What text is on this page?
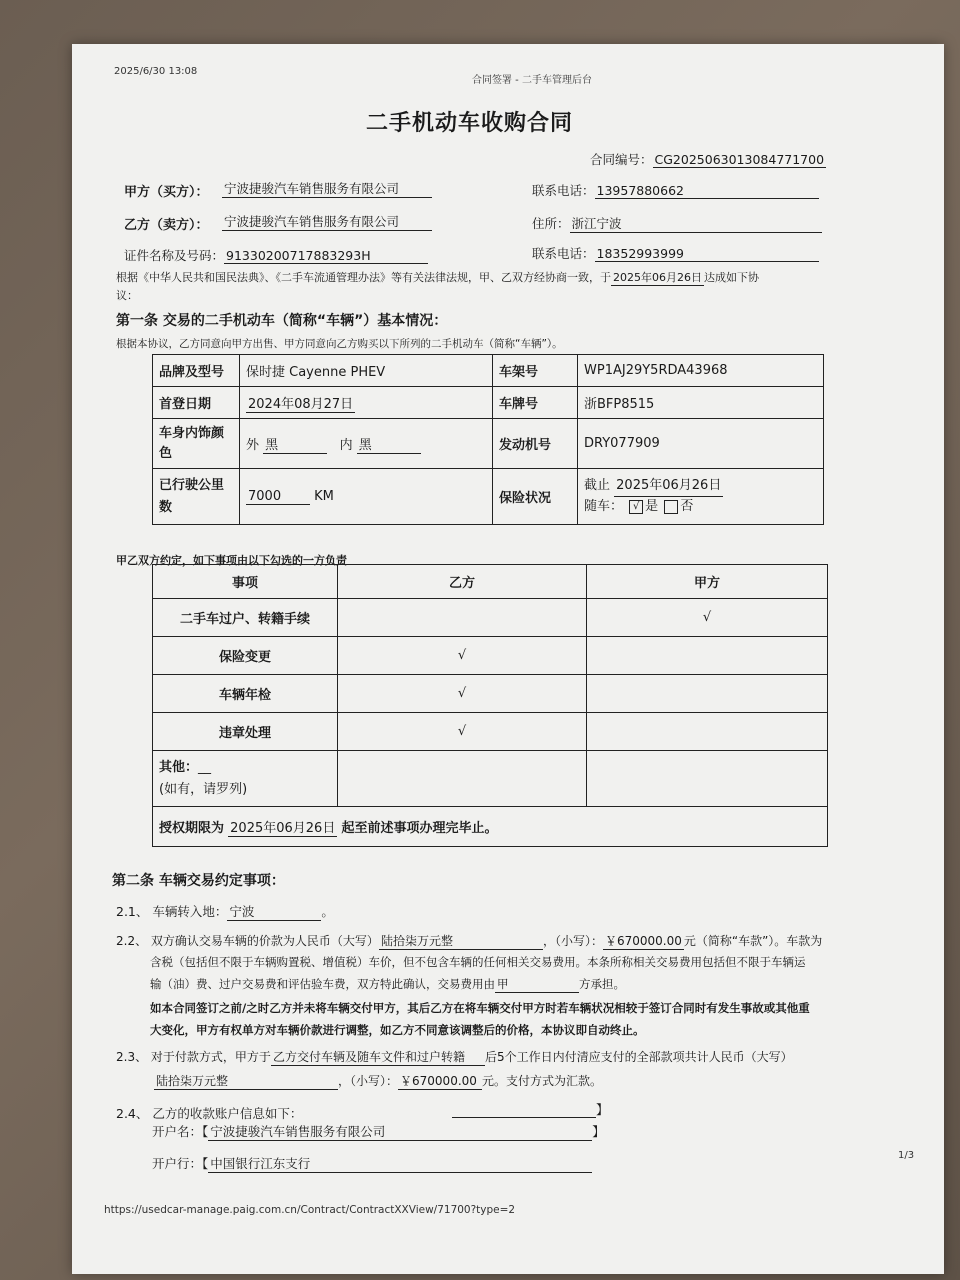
2025/6/30 13:08
合同签署 - 二手车管理后台
二手机动车收购合同
合同编号： CG2025063013084771700
甲方（买方）： 宁波捷骏汽车销售服务有限公司	联系电话： 13957880662
乙方（卖方）： 宁波捷骏汽车销售服务有限公司	住所： 浙江宁波
证件名称及号码： 91330200717883293H	联系电话： 18352993999
根据《中华人民共和国民法典》、《二手车流通管理办法》等有关法律法规，甲、乙双方经协商一致，于 2025年06月26日 达成如下协
议：
第一条 交易的二手机动车（简称“车辆”）基本情况：
根据本协议，乙方同意向甲方出售、甲方同意向乙方购买以下所列的二手机动车（简称“车辆”）。
品牌及型号	保时捷 Cayenne PHEV	车架号	WP1AJ29Y5RDA43968
首登日期	2024年08月27日	车牌号	浙BFP8515
车身内饰颜色	外 黑 内 黑	发动机号	DRY077909
已行驶公里数	7000 KM	保险状况	截止 2025年06月26日
随车： √ 是 否
甲乙双方约定，如下事项由以下勾选的一方负责
事项	乙方	甲方
二手车过户、转籍手续		√
保险变更	√	
车辆年检	√	
违章处理	√	
其他：__
(如有，请罗列)		
授权期限为 2025年06月26日 起至前述事项办理完毕止。		
第二条 车辆交易约定事项：
2.1、 车辆转入地： 宁波	。
2.2、 双方确认交易车辆的价款为人民币（大写） 陆拾柒万元整	，（小写）： ￥670000.00 元（简称“车款”）。车款为
含税（包括但不限于车辆购置税、增值税）车价，但不包含车辆的任何相关交易费用。本条所称相关交易费用包括但不限于车辆运
输（油）费、过户交易费和评估验车费，双方特此确认，交易费用由 甲	方承担。
如本合同签订之前/之时乙方并未将车辆交付甲方，其后乙方在将车辆交付甲方时若车辆状况相较于签订合同时有发生事故或其他重
大变化，甲方有权单方对车辆价款进行调整，如乙方不同意该调整后的价格，本协议即自动终止。
2.3、 对于付款方式，甲方于 乙方交付车辆及随车文件和过户转籍 后5个工作日内付清应支付的全部款项共计人民币（大写）
陆拾柒万元整	，（小写）： ￥670000.00 元。支付方式为汇款。
2.4、 乙方的收款账户信息如下：	】
开户名：【 宁波捷骏汽车销售服务有限公司	】
开户行：【 中国银行江东支行
1/3
https://usedcar-manage.paig.com.cn/Contract/ContractXXView/71700?type=2
